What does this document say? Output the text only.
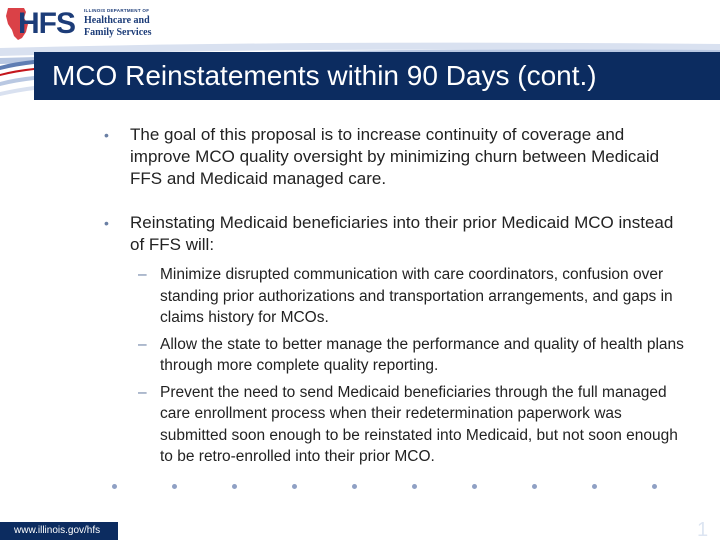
HFS ILLINOIS DEPARTMENT OF
Healthcare and
Family Services
MCO Reinstatements within 90 Days (cont.)
• The goal of this proposal is to increase continuity of coverage and improve MCO quality oversight by minimizing churn between Medicaid FFS and Medicaid managed care.
• Reinstating Medicaid beneficiaries into their prior Medicaid MCO instead of FFS will:
– Minimize disrupted communication with care coordinators, confusion over standing prior authorizations and transportation arrangements, and gaps in claims history for MCOs.
– Allow the state to better manage the performance and quality of health plans through more complete quality reporting.
– Prevent the need to send Medicaid beneficiaries through the full managed care enrollment process when their redetermination paperwork was submitted soon enough to be reinstated into Medicaid, but not soon enough to be retro-enrolled into their prior MCO.
www.illinois.gov/hfs	1
